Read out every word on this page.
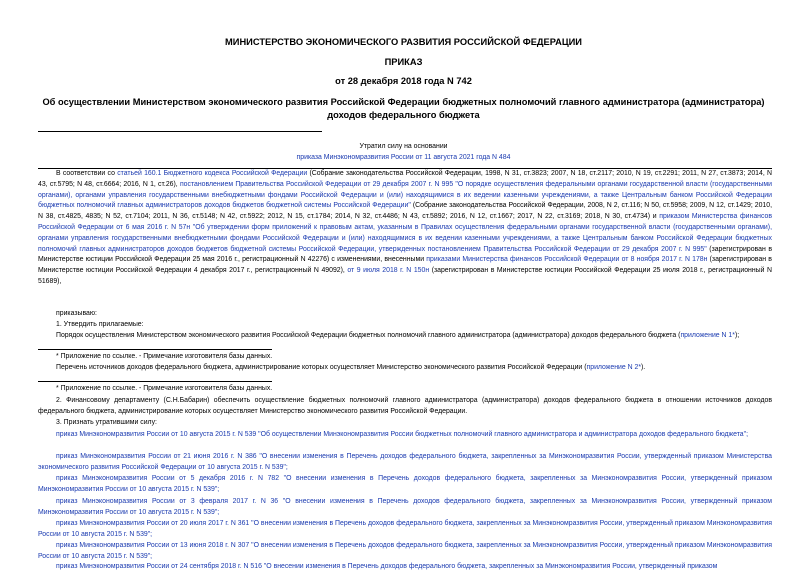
МИНИСТЕРСТВО ЭКОНОМИЧЕСКОГО РАЗВИТИЯ РОССИЙСКОЙ ФЕДЕРАЦИИ
ПРИКАЗ
от 28 декабря 2018 года N 742
Об осуществлении Министерством экономического развития Российской Федерации бюджетных полномочий главного администратора (администратора) доходов федерального бюджета
Утратил силу на основании
приказа Минэкономразвития России от 11 августа 2021 года N 484
В соответствии со статьей 160.1 Бюджетного кодекса Российской Федерации (Собрание законодательства Российской Федерации, 1998, N 31, ст.3823; 2007, N 18, ст.2117; 2010, N 19, ст.2291; 2011, N 27, ст.3873; 2014, N 43, ст.5795; N 48, ст.6664; 2016, N 1, ст.26), постановлением Правительства Российской Федерации от 29 декабря 2007 г. N 995 "О порядке осуществления федеральными органами государственной власти (государственными органами), органами управления государственными внебюджетными фондами Российской Федерации и (или) находящимися в их ведении казенными учреждениями, а также Центральным банком Российской Федерации бюджетных полномочий главных администраторов доходов бюджетов бюджетной системы Российской Федерации" (Собрание законодательства Российской Федерации, 2008, N 2, ст.116; N 50, ст.5958; 2009, N 12, ст.1429; 2010, N 38, ст.4825, 4835; N 52, ст.7104; 2011, N 36, ст.5148; N 42, ст.5922; 2012, N 15, ст.1784; 2014, N 32, ст.4486; N 43, ст.5892; 2016, N 12, ст.1667; 2017, N 22, ст.3169; 2018, N 30, ст.4734) и приказом Министерства финансов Российской Федерации от 6 мая 2016 г. N 57н "Об утверждении форм приложений к правовым актам, указанным в Правилах осуществления федеральными органами государственной власти (государственными органами), органами управления государственными внебюджетными фондами Российской Федерации и (или) находящимися в их ведении казенными учреждениями, а также Центральным банком Российской Федерации бюджетных полномочий главных администраторов доходов бюджетов бюджетной системы Российской Федерации, утвержденных постановлением Правительства Российской Федерации от 29 декабря 2007 г. N 995" (зарегистрирован в Министерстве юстиции Российской Федерации 25 мая 2016 г., регистрационный N 42276) с изменениями, внесенными приказами Министерства финансов Российской Федерации от 8 ноября 2017 г. N 178н (зарегистрирован в Министерстве юстиции Российской Федерации 4 декабря 2017 г., регистрационный N 49092), от 9 июля 2018 г. N 150н (зарегистрирован в Министерстве юстиции Российской Федерации 25 июля 2018 г., регистрационный N 51689),
приказываю:
1. Утвердить прилагаемые:
Порядок осуществления Министерством экономического развития Российской Федерации бюджетных полномочий главного администратора (администратора) доходов федерального бюджета (приложение N 1*);
* Приложение по ссылке. - Примечание изготовителя базы данных.
Перечень источников доходов федерального бюджета, администрирование которых осуществляет Министерство экономического развития Российской Федерации (приложение N 2*).
* Приложение по ссылке. - Примечание изготовителя базы данных.
2. Финансовому департаменту (С.Н.Бабарин) обеспечить осуществление бюджетных полномочий главного администратора (администратора) доходов федерального бюджета в отношении источников доходов федерального бюджета, администрирование которых осуществляет Министерство экономического развития Российской Федерации.
3. Признать утратившими силу:
приказ Минэкономразвития России от 10 августа 2015 г. N 539 "Об осуществлении Минэкономразвития России бюджетных полномочий главного администратора и администратора доходов федерального бюджета";
приказ Минэкономразвития России от 21 июня 2016 г. N 386 "О внесении изменения в Перечень доходов федерального бюджета, закрепленных за Минэкономразвития России, утвержденный приказом Министерства экономического развития Российской Федерации от 10 августа 2015 г. N 539";
приказ Минэкономразвития России от 5 декабря 2016 г. N 782 "О внесении изменения в Перечень доходов федерального бюджета, закрепленных за Минэкономразвития России, утвержденный приказом Минэкономразвития России от 10 августа 2015 г. N 539";
приказ Минэкономразвития России от 3 февраля 2017 г. N 36 "О внесении изменения в Перечень доходов федерального бюджета, закрепленных за Минэкономразвития России, утвержденный приказом Минэкономразвития России от 10 августа 2015 г. N 539";
приказ Минэкономразвития России от 20 июля 2017 г. N 361 "О внесении изменения в Перечень доходов федерального бюджета, закрепленных за Минэкономразвития России, утвержденный приказом Минэкономразвития России от 10 августа 2015 г. N 539";
приказ Минэкономразвития России от 13 июня 2018 г. N 307 "О внесении изменения в Перечень доходов федерального бюджета, закрепленных за Минэкономразвития России, утвержденный приказом Минэкономразвития России от 10 августа 2015 г. N 539";
приказ Минэкономразвития России от 24 сентября 2018 г. N 516 "О внесении изменения в Перечень доходов федерального бюджета, закрепленных за Минэкономразвития России, утвержденный приказом
